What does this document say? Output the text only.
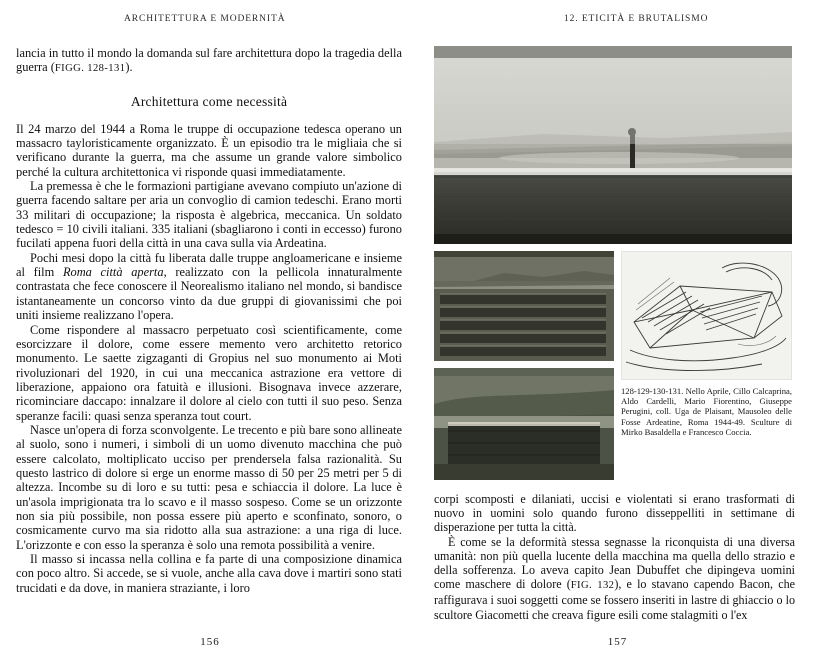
ARCHITETTURA E MODERNITÀ

lancia in tutto il mondo la domanda sul fare architettura dopo la tragedia della guerra (FIGG. 128-131).

Architettura come necessità

Il 24 marzo del 1944 a Roma le truppe di occupazione tedesca operano un massacro tayloristicamente organizzato. È un episodio tra le migliaia che si verificano durante la guerra, ma che assume un grande valore simbolico perché la cultura architettonica vi risponde quasi immediatamente.

La premessa è che le formazioni partigiane avevano compiuto un'azione di guerra facendo saltare per aria un convoglio di camion tedeschi. Erano morti 33 militari di occupazione; la risposta è algebrica, meccanica. Un soldato tedesco = 10 civili italiani. 335 italiani (sbagliarono i conti in eccesso) furono fucilati appena fuori della città in una cava sulla via Ardeatina.

Pochi mesi dopo la città fu liberata dalle truppe angloamericane e insieme al film Roma città aperta, realizzato con la pellicola innaturalmente contrastata che fece conoscere il Neorealismo italiano nel mondo, si bandisce istantaneamente un concorso vinto da due gruppi di giovanissimi che poi uniti insieme realizzano l'opera.

Come rispondere al massacro perpetuato così scientificamente, come esorcizzare il dolore, come essere memento vero architetto retorico monumento. Le saette zigzaganti di Gropius nel suo monumento ai Moti rivoluzionari del 1920, in cui una meccanica astrazione era vettore di liberazione, appaiono ora fatuità e illusioni. Bisognava invece azzerare, ricominciare daccapo: innalzare il dolore al cielo con tutti il suo peso. Senza speranze facili: quasi senza speranza tout court.

Nasce un'opera di forza sconvolgente. Le trecento e più bare sono allineate al suolo, sono i numeri, i simboli di un uomo divenuto macchina che può essere calcolato, moltiplicato ucciso per prendersela falsa razionalità. Su questo lastrico di dolore si erge un enorme masso di 50 per 25 metri per 5 di altezza. Incombe su di loro e su tutti: pesa e schiaccia il dolore. La luce è un'asola imprigionata tra lo scavo e il masso sospeso. Come se un orizzonte non sia più possibile, non possa essere più aperto e sconfinato, sonoro, o cosmicamente curvo ma sia ridotto alla sua astrazione: a una riga di luce. L'orizzonte e con esso la speranza è solo una remota possibilità a venire.

Il masso si incassa nella collina e fa parte di una composizione dinamica con poco altro. Si accede, se si vuole, anche alla cava dove i martiri sono stati trucidati e da dove, in maniera straziante, i loro

156
12. ETICITÀ E BRUTALISMO

128-129-130-131. Nello Aprile, Cillo Calcaprina, Aldo Cardelli, Mario Fiorentino, Giuseppe Perugini, coll. Uga de Plaisant, Mausoleo delle Fosse Ardeatine, Roma 1944-49. Sculture di Mirko Basaldella e Francesco Coccia.

corpi scomposti e dilaniati, uccisi e violentati si erano trasformati di nuovo in uomini solo quando furono disseppelliti in settimane di disperazione per tutta la città.

È come se la deformità stessa segnasse la riconquista di una diversa umanità: non più quella lucente della macchina ma quella dello strazio e della sofferenza. Lo aveva capito Jean Dubuffet che dipingeva uomini come maschere di dolore (FIG. 132), e lo stavano capendo Bacon, che raffigurava i suoi soggetti come se fossero inseriti in lastre di ghiaccio o lo scultore Giacometti che creava figure esili come stalagmiti o l'ex

157
